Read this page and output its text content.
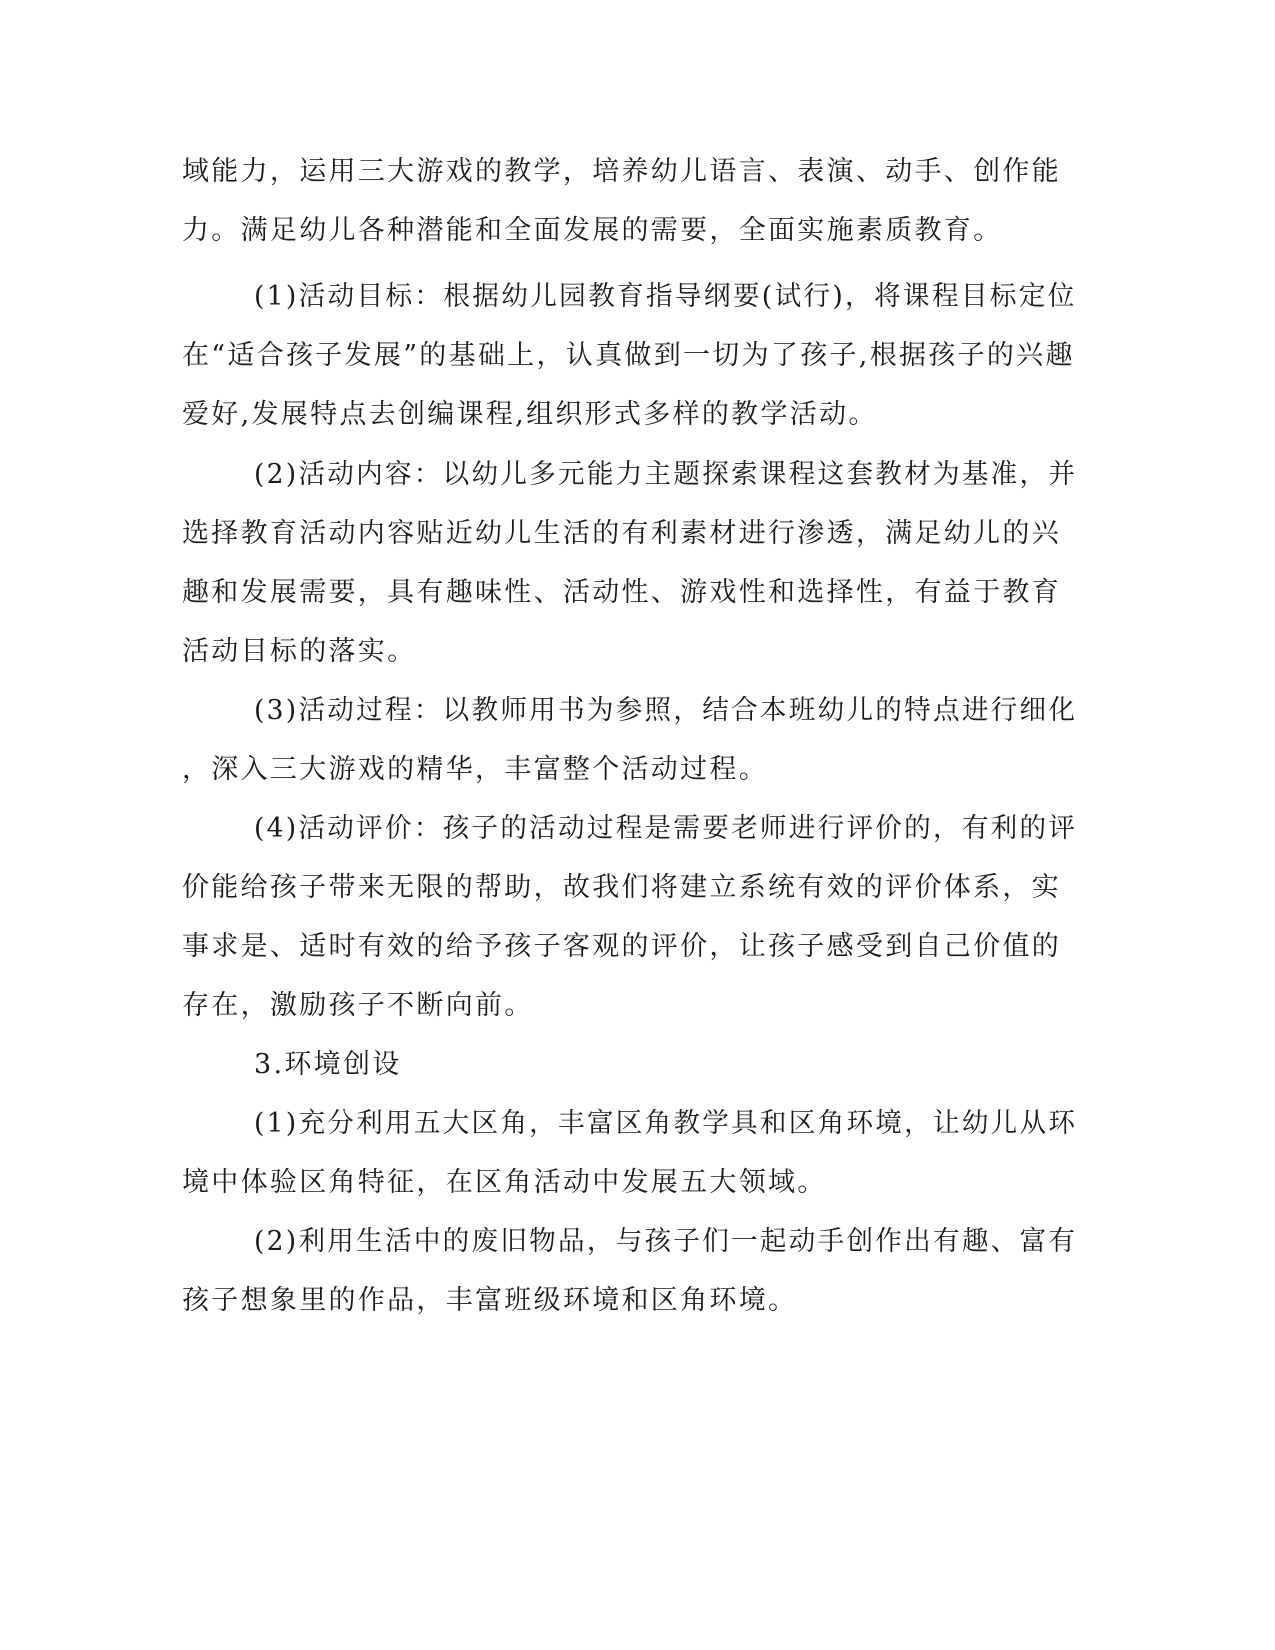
域能力，运用三大游戏的教学，培养幼儿语言、表演、动手、创作能
力。满足幼儿各种潜能和全面发展的需要，全面实施素质教育。
(1)活动目标：根据幼儿园教育指导纲要(试行)，将课程目标定位
在“适合孩子发展”的基础上，认真做到一切为了孩子,根据孩子的兴趣
爱好,发展特点去创编课程,组织形式多样的教学活动。
(2)活动内容：以幼儿多元能力主题探索课程这套教材为基准，并
选择教育活动内容贴近幼儿生活的有利素材进行渗透，满足幼儿的兴
趣和发展需要，具有趣味性、活动性、游戏性和选择性，有益于教育
活动目标的落实。
(3)活动过程：以教师用书为参照，结合本班幼儿的特点进行细化
，深入三大游戏的精华，丰富整个活动过程。
(4)活动评价：孩子的活动过程是需要老师进行评价的，有利的评
价能给孩子带来无限的帮助，故我们将建立系统有效的评价体系，实
事求是、适时有效的给予孩子客观的评价，让孩子感受到自己价值的
存在，激励孩子不断向前。
3.环境创设
(1)充分利用五大区角，丰富区角教学具和区角环境，让幼儿从环
境中体验区角特征，在区角活动中发展五大领域。
(2)利用生活中的废旧物品，与孩子们一起动手创作出有趣、富有
孩子想象里的作品，丰富班级环境和区角环境。
